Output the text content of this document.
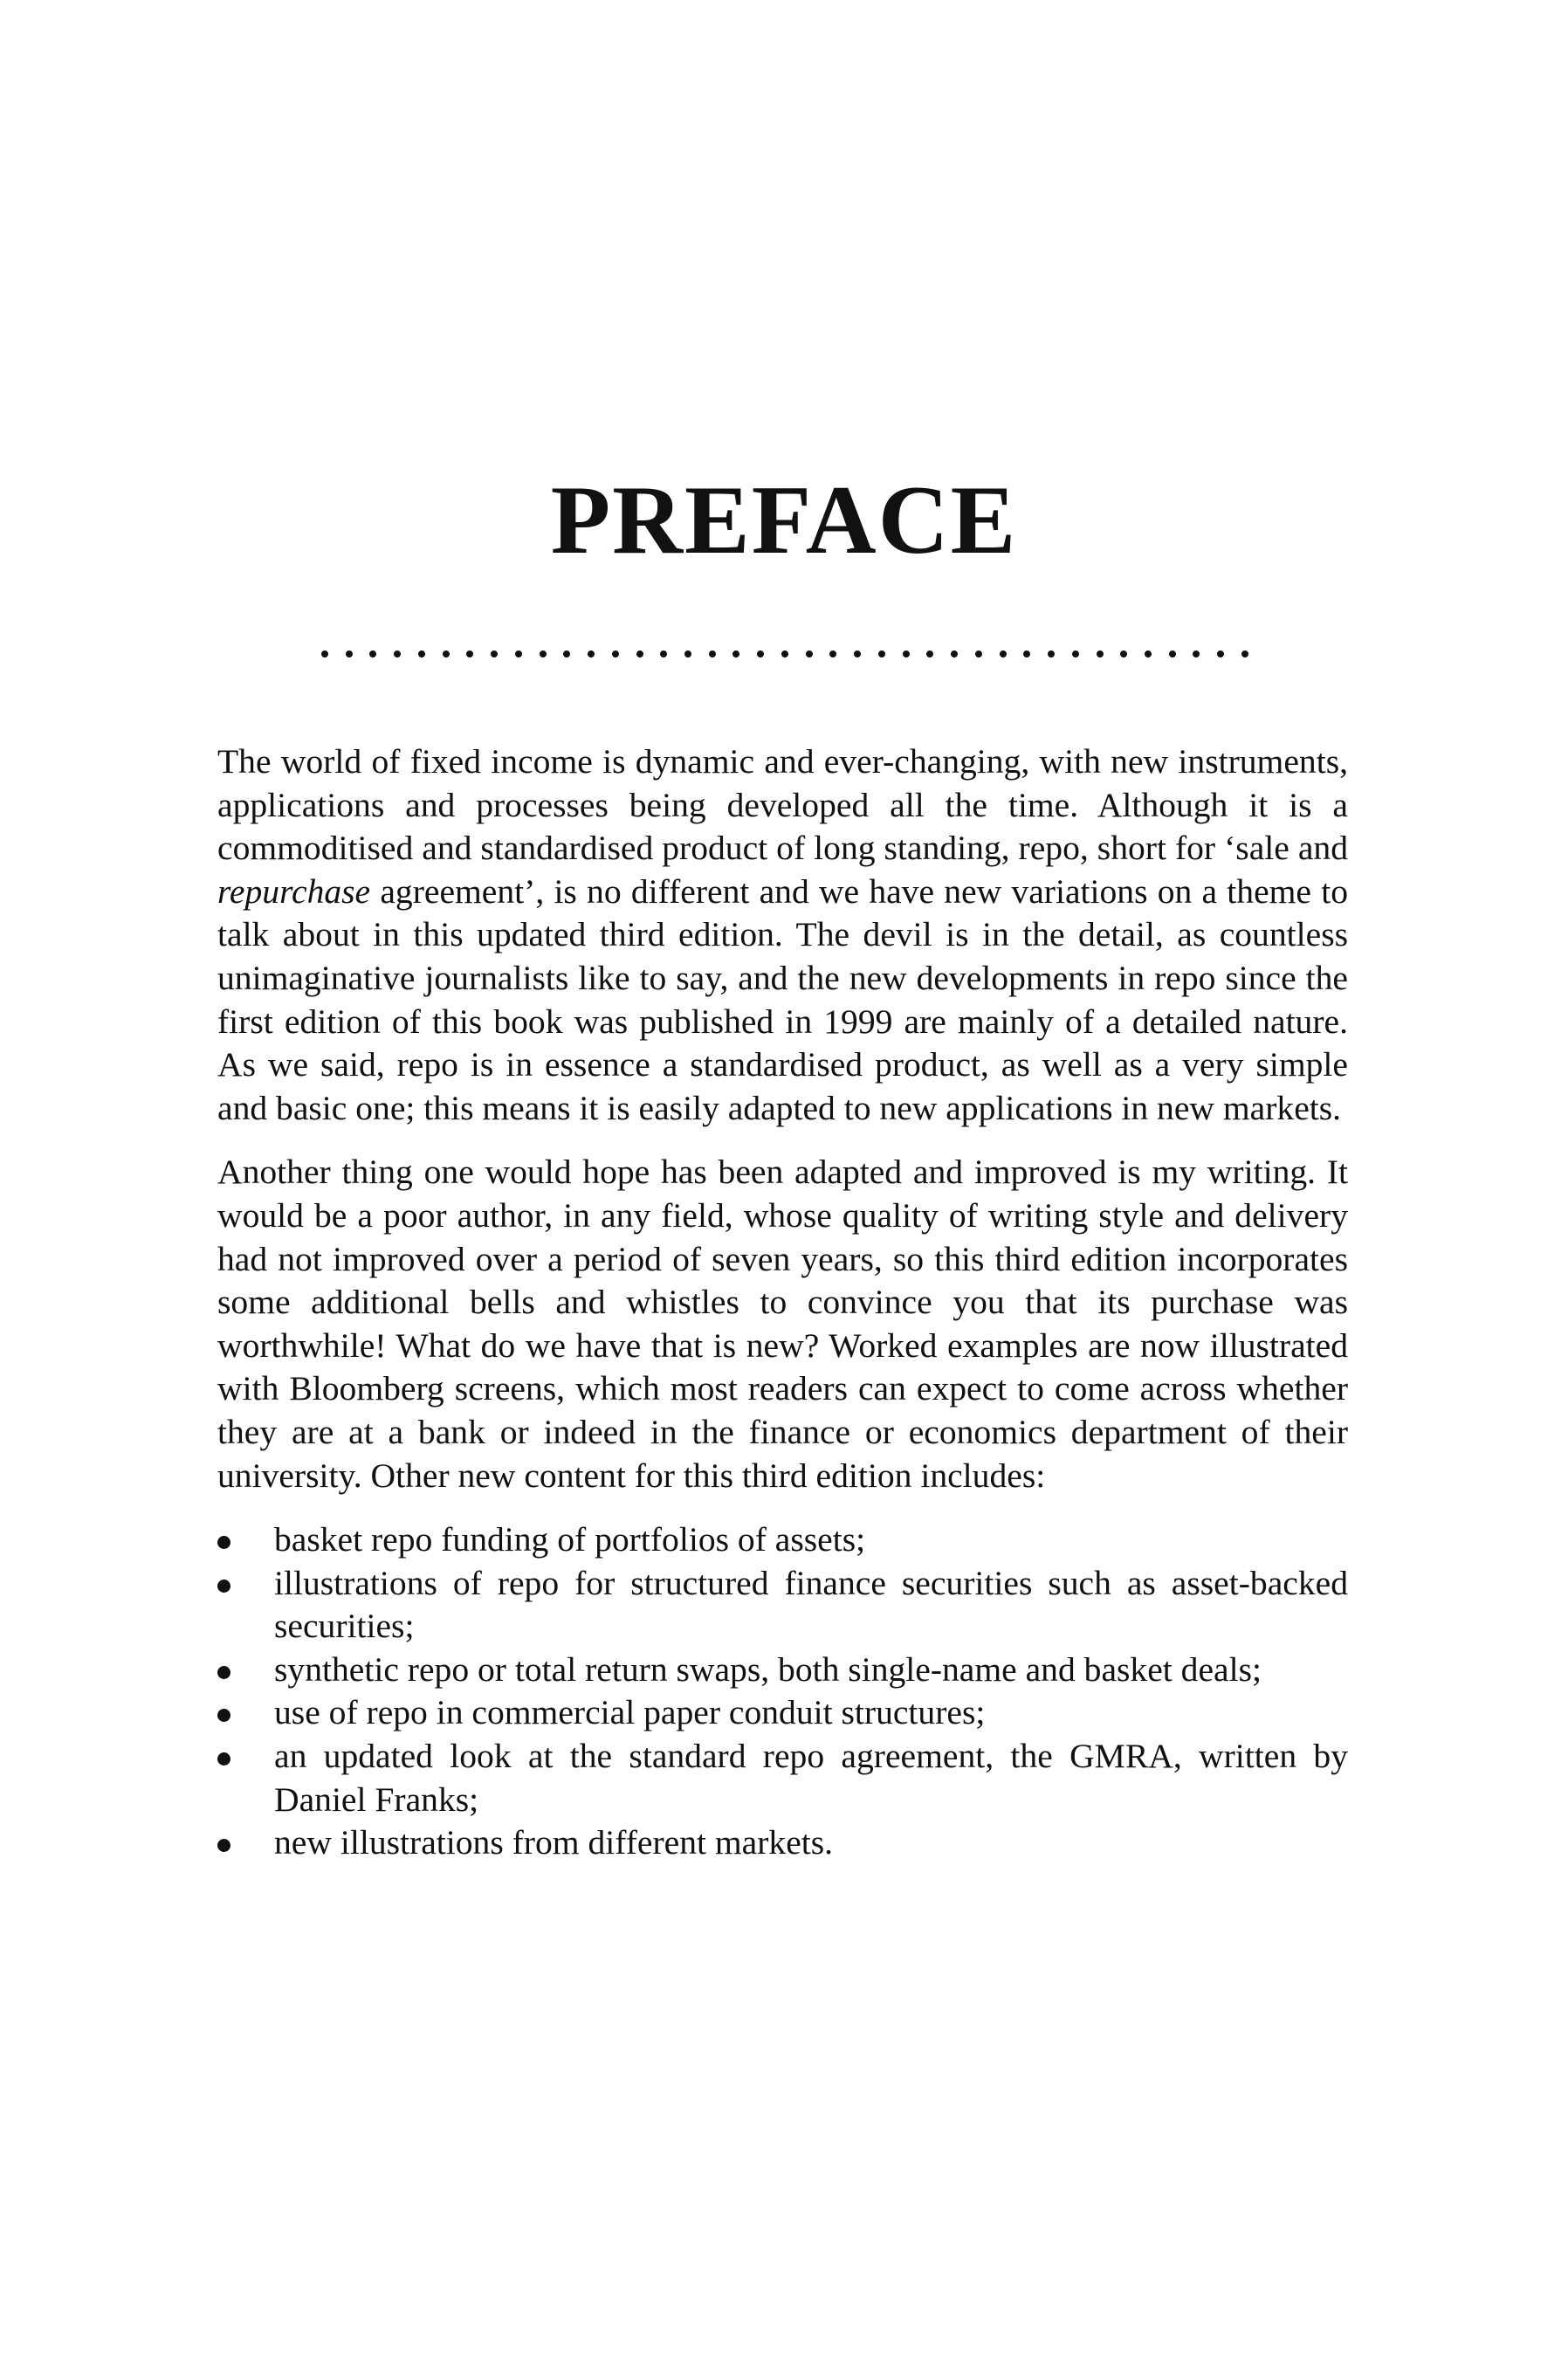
PREFACE

The world of fixed income is dynamic and ever-changing, with new instruments, applications and processes being developed all the time. Although it is a commoditised and standardised product of long standing, repo, short for ‘sale and repurchase agreement’, is no different and we have new variations on a theme to talk about in this updated third edition. The devil is in the detail, as countless unimaginative journalists like to say, and the new developments in repo since the first edition of this book was published in 1999 are mainly of a detailed nature. As we said, repo is in essence a standardised product, as well as a very simple and basic one; this means it is easily adapted to new applications in new markets.

Another thing one would hope has been adapted and improved is my writing. It would be a poor author, in any field, whose quality of writing style and delivery had not improved over a period of seven years, so this third edition incorporates some additional bells and whistles to convince you that its purchase was worthwhile! What do we have that is new? Worked examples are now illustrated with Bloomberg screens, which most readers can expect to come across whether they are at a bank or indeed in the finance or economics department of their university. Other new content for this third edition includes:

basket repo funding of portfolios of assets;
illustrations of repo for structured finance securities such as asset-backed securities;
synthetic repo or total return swaps, both single-name and basket deals;
use of repo in commercial paper conduit structures;
an updated look at the standard repo agreement, the GMRA, written by Daniel Franks;
new illustrations from different markets.
